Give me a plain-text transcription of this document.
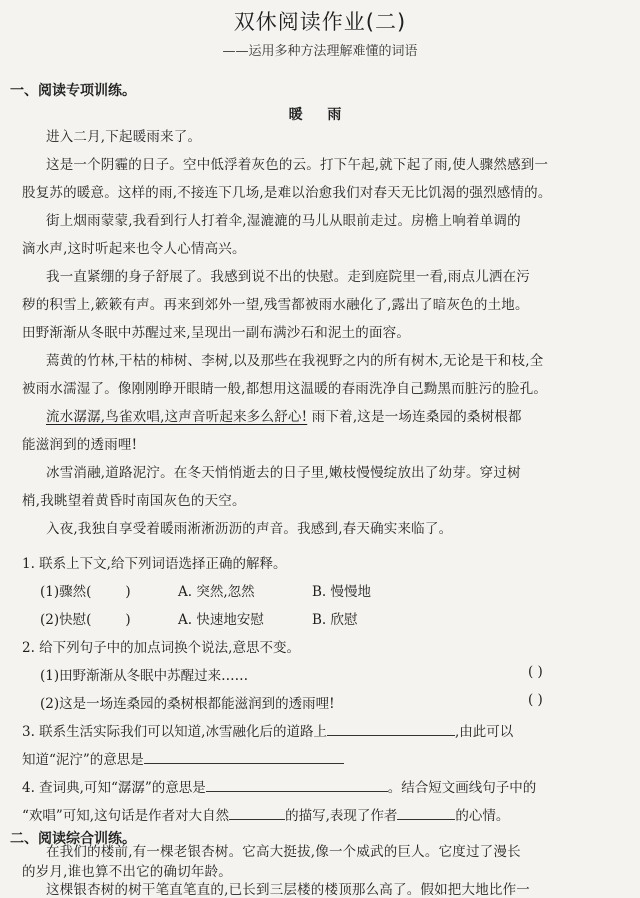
双休阅读作业(二)
——运用多种方法理解难懂的词语
一、阅读专项训练。
暖 雨
进入二月,下起暖雨来了。
这是一个阴霾的日子。空中低浮着灰色的云。打下午起,就下起了雨,使人骤然感到一
股复苏的暖意。这样的雨,不接连下几场,是难以治愈我们对春天无比饥渴的强烈感情的。
街上烟雨蒙蒙,我看到行人打着伞,湿漉漉的马儿从眼前走过。房檐上响着单调的
滴水声,这时听起来也令人心情高兴。
我一直紧绷的身子舒展了。我感到说不出的快慰。走到庭院里一看,雨点儿洒在污
秽的积雪上,簌簌有声。再来到郊外一望,残雪都被雨水融化了,露出了暗灰色的土地。
田野渐渐从冬眠中苏醒过来,呈现出一副布满沙石和泥土的面容。
蔫黄的竹林,干枯的柿树、李树,以及那些在我视野之内的所有树木,无论是干和枝,全
被雨水濡湿了。像刚刚睁开眼睛一般,都想用这温暖的春雨洗净自己黝黑而脏污的脸孔。
流水潺潺,鸟雀欢唱,这声音听起来多么舒心! 雨下着,这是一场连桑园的桑树根都
能滋润到的透雨哩!
冰雪消融,道路泥泞。在冬天悄悄逝去的日子里,嫩枝慢慢绽放出了幼芽。穿过树
梢,我眺望着黄昏时南国灰色的天空。
入夜,我独自享受着暖雨淅淅沥沥的声音。我感到,春天确实来临了。
1. 联系上下文,给下列词语选择正确的解释。
(1)骤然(	)	A. 突然,忽然	B. 慢慢地
(2)快慰(	)	A. 快速地安慰	B. 欣慰
2. 给下列句子中的加点词换个说法,意思不变。
(1)田野渐渐从冬眠中苏醒过来……	( )
(2)这是一场连桑园的桑树根都能滋润到的透雨哩!	( )
3. 联系生活实际我们可以知道,冰雪融化后的道路上	,由此可以
知道“泥泞”的意思是
4. 查词典,可知“潺潺”的意思是	。结合短文画线句子中的
“欢唱”可知,这句话是作者对大自然	的描写,表现了作者	的心情。
二、阅读综合训练。
在我们的楼前,有一棵老银杏树。它高大挺拔,像一个威武的巨人。它度过了漫长
的岁月,谁也算不出它的确切年龄。
这棵银杏树的树干笔直笔直的,已长到三层楼的楼顶那么高了。假如把大地比作一
